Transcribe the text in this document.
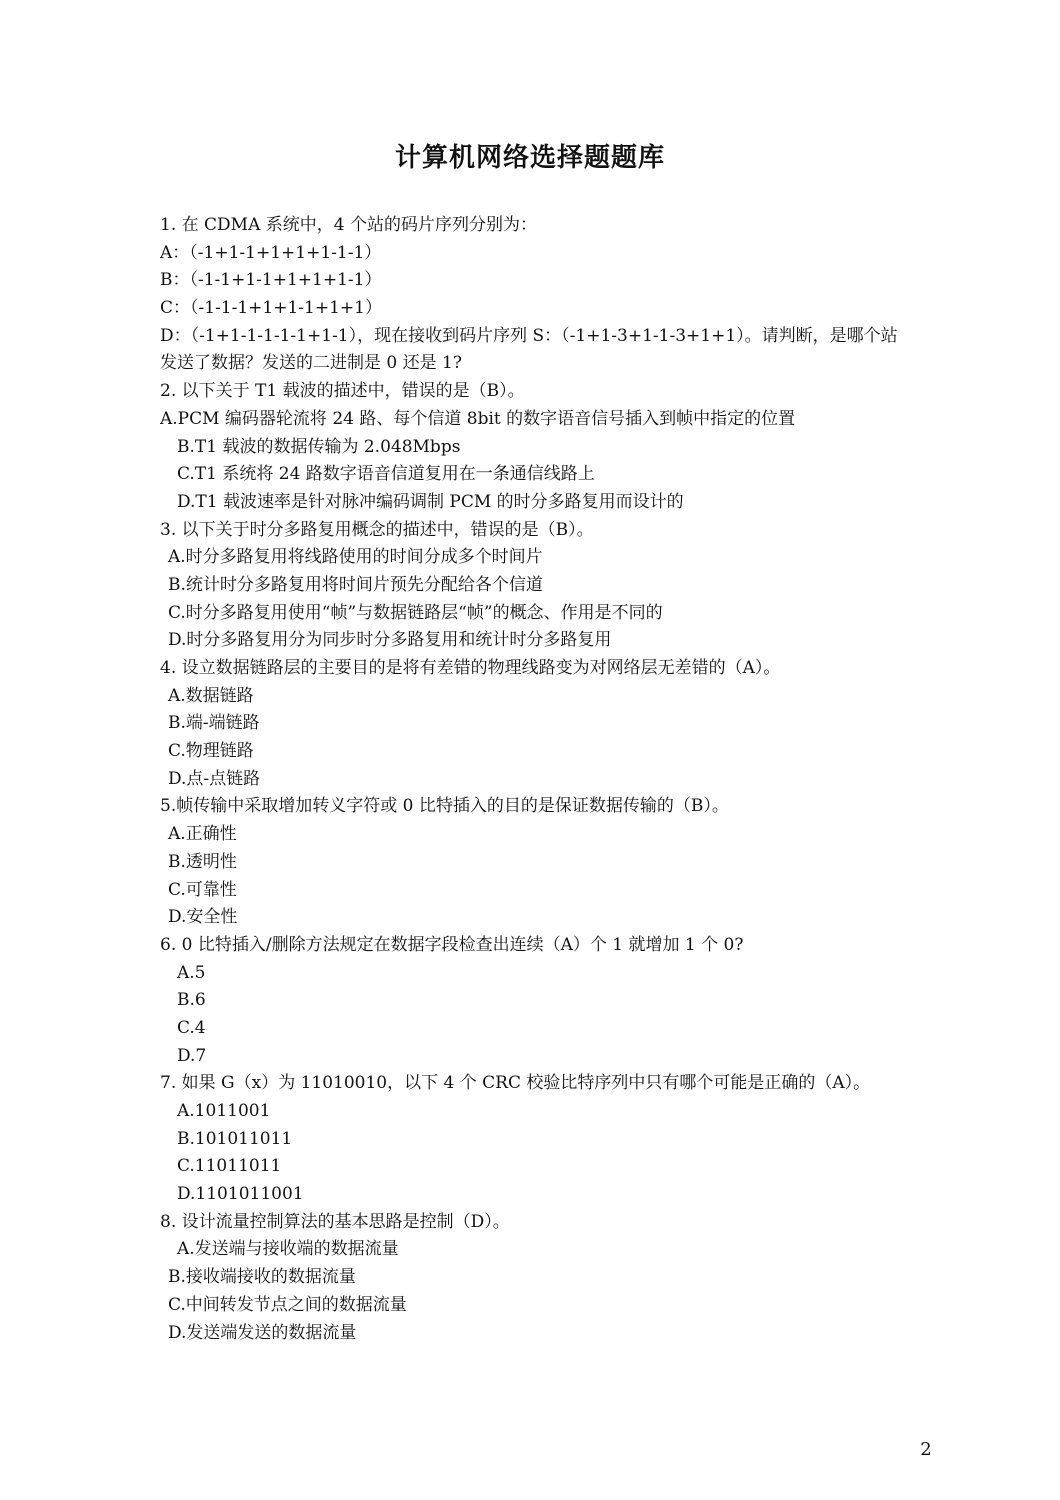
计算机网络选择题题库
1. 在 CDMA 系统中，4 个站的码片序列分别为：
A：（-1+1-1+1+1+1-1-1）
B：（-1-1+1-1+1+1+1-1）
C：（-1-1-1+1+1-1+1+1）
D：（-1+1-1-1-1-1+1-1），现在接收到码片序列 S：（-1+1-3+1-1-3+1+1）。请判断，是哪个站
发送了数据？发送的二进制是 0 还是 1?
2. 以下关于 T1 载波的描述中，错误的是（B）。
A.PCM 编码器轮流将 24 路、每个信道 8bit 的数字语音信号插入到帧中指定的位置
B.T1 载波的数据传输为 2.048Mbps
C.T1 系统将 24 路数字语音信道复用在一条通信线路上
D.T1 载波速率是针对脉冲编码调制 PCM 的时分多路复用而设计的
3. 以下关于时分多路复用概念的描述中，错误的是（B）。
A.时分多路复用将线路使用的时间分成多个时间片
B.统计时分多路复用将时间片预先分配给各个信道
C.时分多路复用使用“帧”与数据链路层“帧”的概念、作用是不同的
D.时分多路复用分为同步时分多路复用和统计时分多路复用
4. 设立数据链路层的主要目的是将有差错的物理线路变为对网络层无差错的（A）。
A.数据链路
B.端-端链路
C.物理链路
D.点-点链路
5.帧传输中采取增加转义字符或 0 比特插入的目的是保证数据传输的（B）。
A.正确性
B.透明性
C.可靠性
D.安全性
6. 0 比特插入/删除方法规定在数据字段检查出连续（A）个 1 就增加 1 个 0?
A.5
B.6
C.4
D.7
7. 如果 G（x）为 11010010，以下 4 个 CRC 校验比特序列中只有哪个可能是正确的（A）。
A.1011001
B.101011011
C.11011011
D.1101011001
8. 设计流量控制算法的基本思路是控制（D）。
A.发送端与接收端的数据流量
B.接收端接收的数据流量
C.中间转发节点之间的数据流量
D.发送端发送的数据流量
2
